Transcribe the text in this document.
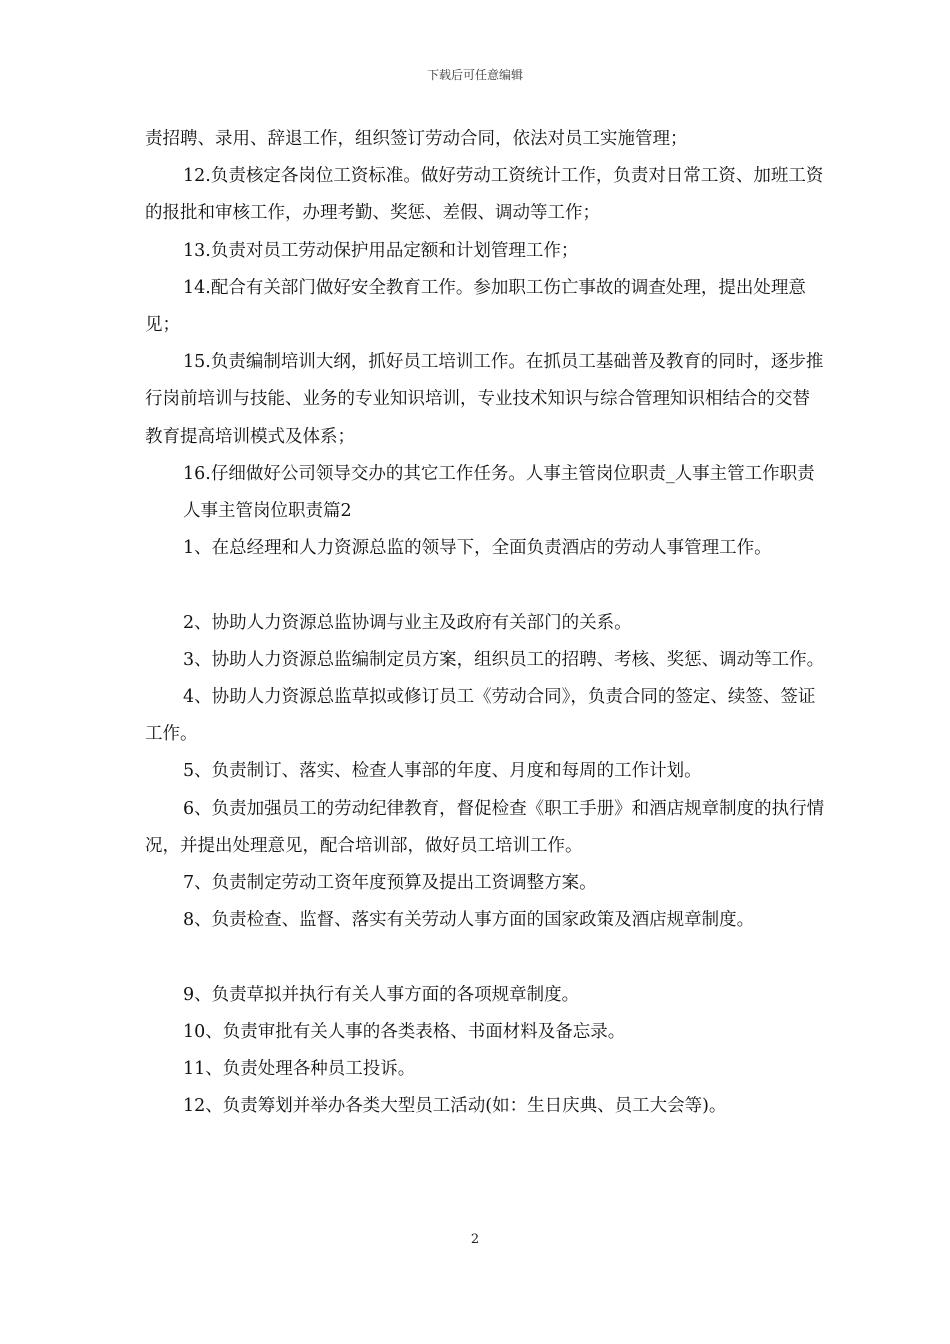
下载后可任意编辑

责招聘、录用、辞退工作，组织签订劳动合同，依法对员工实施管理；

12.负责核定各岗位工资标准。做好劳动工资统计工作，负责对日常工资、加班工资的报批和审核工作，办理考勤、奖惩、差假、调动等工作；

13.负责对员工劳动保护用品定额和计划管理工作；

14.配合有关部门做好安全教育工作。参加职工伤亡事故的调查处理，提出处理意见；

15.负责编制培训大纲，抓好员工培训工作。在抓员工基础普及教育的同时，逐步推行岗前培训与技能、业务的专业知识培训，专业技术知识与综合管理知识相结合的交替教育提高培训模式及体系；

16.仔细做好公司领导交办的其它工作任务。人事主管岗位职责_人事主管工作职责

人事主管岗位职责篇2

1、在总经理和人力资源总监的领导下，全面负责酒店的劳动人事管理工作。

2、协助人力资源总监协调与业主及政府有关部门的关系。

3、协助人力资源总监编制定员方案，组织员工的招聘、考核、奖惩、调动等工作。

4、协助人力资源总监草拟或修订员工《劳动合同》，负责合同的签定、续签、签证工作。

5、负责制订、落实、检查人事部的年度、月度和每周的工作计划。

6、负责加强员工的劳动纪律教育，督促检查《职工手册》和酒店规章制度的执行情况，并提出处理意见，配合培训部，做好员工培训工作。

7、负责制定劳动工资年度预算及提出工资调整方案。

8、负责检查、监督、落实有关劳动人事方面的国家政策及酒店规章制度。

9、负责草拟并执行有关人事方面的各项规章制度。

10、负责审批有关人事的各类表格、书面材料及备忘录。

11、负责处理各种员工投诉。

12、负责筹划并举办各类大型员工活动(如：生日庆典、员工大会等)。

2
